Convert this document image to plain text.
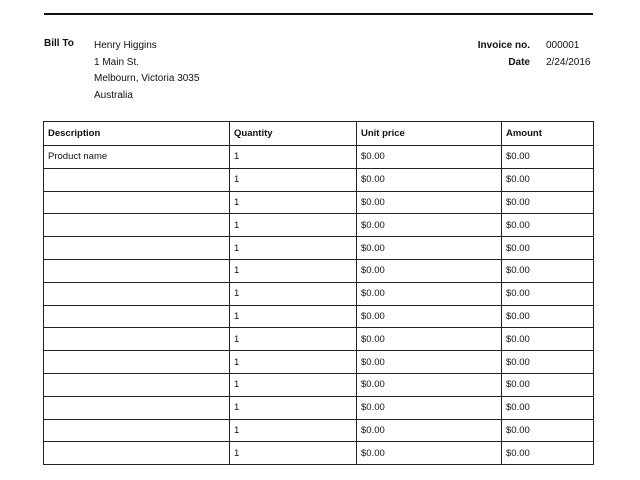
Bill To Henry Higgins
1 Main St.
Melbourn, Victoria 3035
Australia
Invoice no.	000001
Date	2/24/2016
Description	Quantity	Unit price	Amount
Product name	1	$0.00	$0.00
	1	$0.00	$0.00
	1	$0.00	$0.00
	1	$0.00	$0.00
	1	$0.00	$0.00
	1	$0.00	$0.00
	1	$0.00	$0.00
	1	$0.00	$0.00
	1	$0.00	$0.00
	1	$0.00	$0.00
	1	$0.00	$0.00
	1	$0.00	$0.00
	1	$0.00	$0.00
	1	$0.00	$0.00
